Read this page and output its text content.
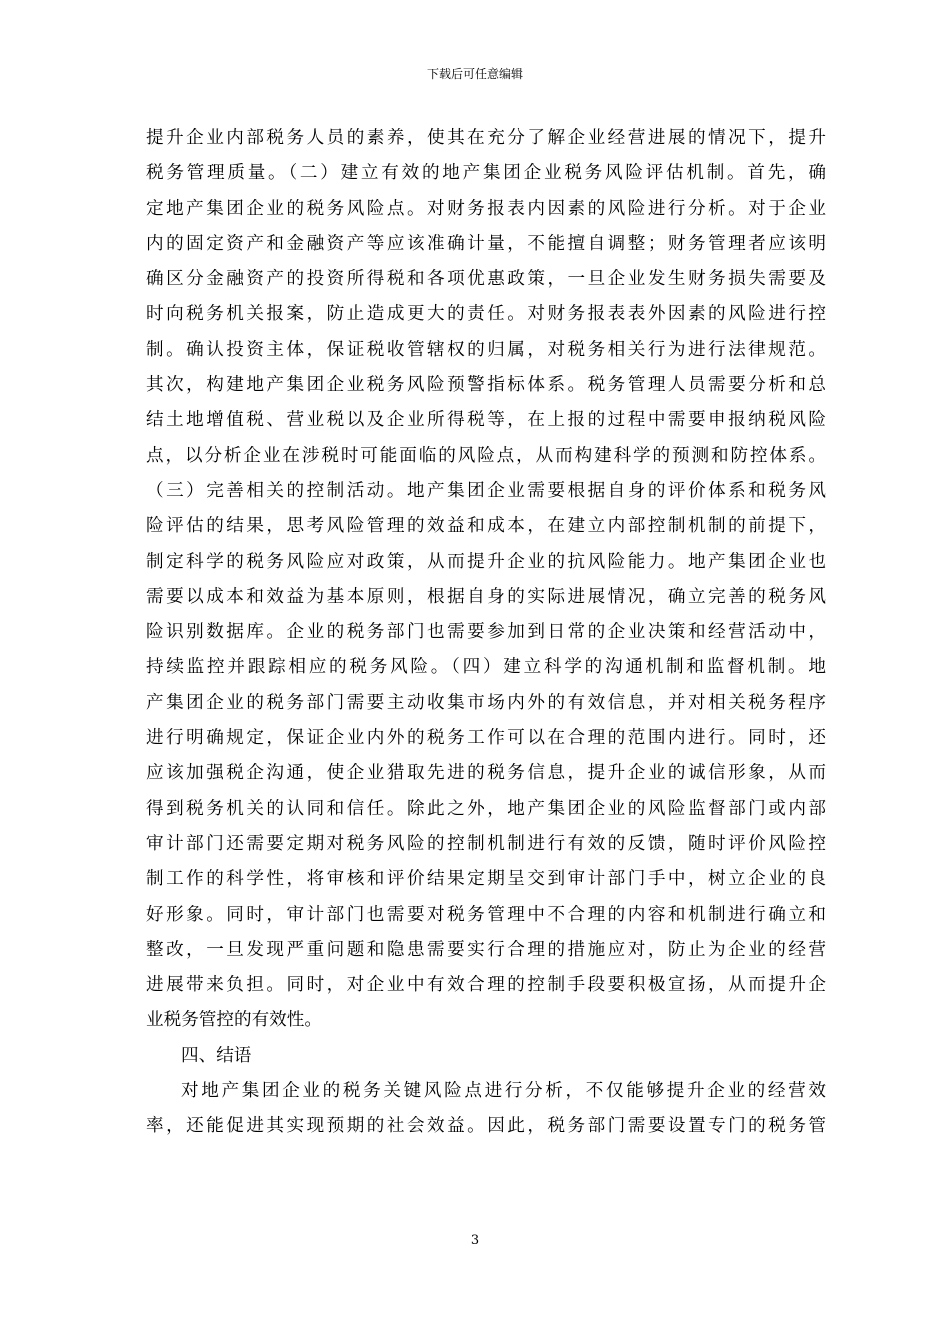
下载后可任意编辑
提升企业内部税务人员的素养，使其在充分了解企业经营进展的情况下，提升
税务管理质量。（二）建立有效的地产集团企业税务风险评估机制。首先，确
定地产集团企业的税务风险点。对财务报表内因素的风险进行分析。对于企业
内的固定资产和金融资产等应该准确计量，不能擅自调整；财务管理者应该明
确区分金融资产的投资所得税和各项优惠政策，一旦企业发生财务损失需要及
时向税务机关报案，防止造成更大的责任。对财务报表表外因素的风险进行控
制。确认投资主体，保证税收管辖权的归属，对税务相关行为进行法律规范。
其次，构建地产集团企业税务风险预警指标体系。税务管理人员需要分析和总
结土地增值税、营业税以及企业所得税等，在上报的过程中需要申报纳税风险
点，以分析企业在涉税时可能面临的风险点，从而构建科学的预测和防控体系。
（三）完善相关的控制活动。地产集团企业需要根据自身的评价体系和税务风
险评估的结果，思考风险管理的效益和成本，在建立内部控制机制的前提下，
制定科学的税务风险应对政策，从而提升企业的抗风险能力。地产集团企业也
需要以成本和效益为基本原则，根据自身的实际进展情况，确立完善的税务风
险识别数据库。企业的税务部门也需要参加到日常的企业决策和经营活动中，
持续监控并跟踪相应的税务风险。（四）建立科学的沟通机制和监督机制。地
产集团企业的税务部门需要主动收集市场内外的有效信息，并对相关税务程序
进行明确规定，保证企业内外的税务工作可以在合理的范围内进行。同时，还
应该加强税企沟通，使企业猎取先进的税务信息，提升企业的诚信形象，从而
得到税务机关的认同和信任。除此之外，地产集团企业的风险监督部门或内部
审计部门还需要定期对税务风险的控制机制进行有效的反馈，随时评价风险控
制工作的科学性，将审核和评价结果定期呈交到审计部门手中，树立企业的良
好形象。同时，审计部门也需要对税务管理中不合理的内容和机制进行确立和
整改，一旦发现严重问题和隐患需要实行合理的措施应对，防止为企业的经营
进展带来负担。同时，对企业中有效合理的控制手段要积极宣扬，从而提升企
业税务管控的有效性。
四、结语
对地产集团企业的税务关键风险点进行分析，不仅能够提升企业的经营效
率，还能促进其实现预期的社会效益。因此，税务部门需要设置专门的税务管
3
